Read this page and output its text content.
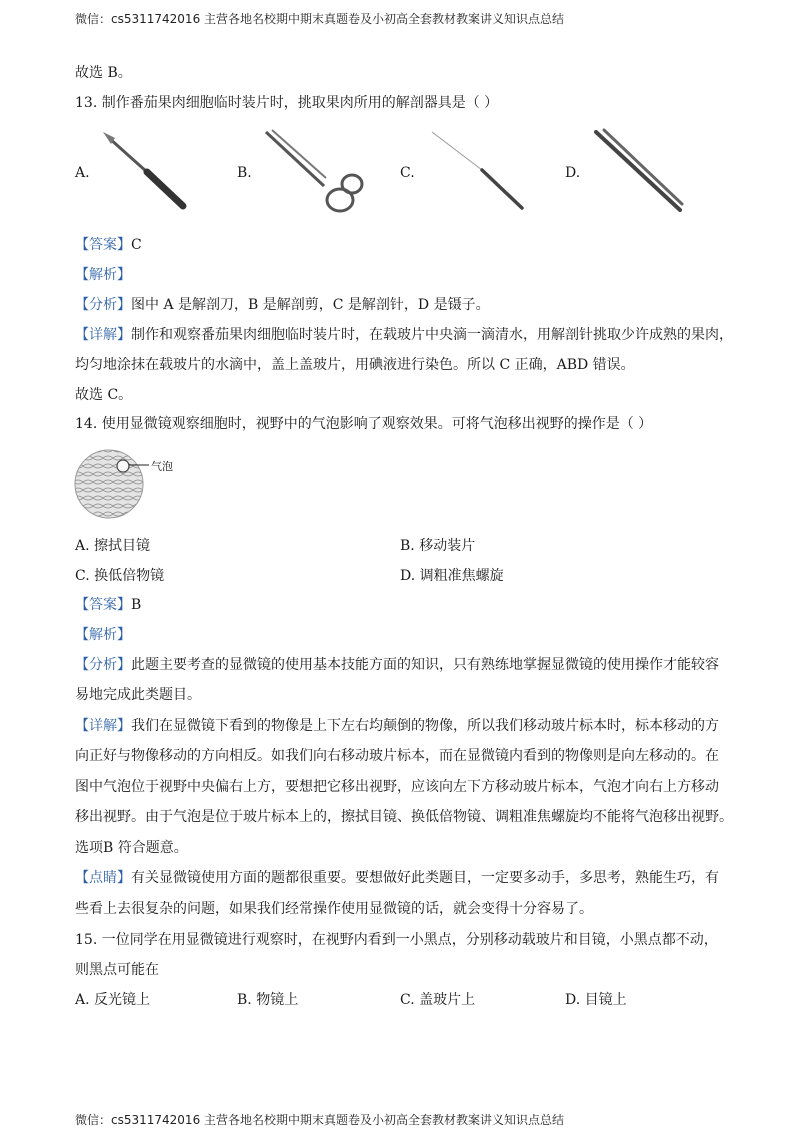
微信：cs5311742016 主营各地名校期中期末真题卷及小初高全套教材教案讲义知识点总结
故选 B。
13. 制作番茄果肉细胞临时装片时，挑取果肉所用的解剖器具是（ ）
A.	B.	C.	D.
【答案】C
【解析】
【分析】图中 A 是解剖刀，B 是解剖剪，C 是解剖针，D 是镊子。
【详解】制作和观察番茄果肉细胞临时装片时，在载玻片中央滴一滴清水，用解剖针挑取少许成熟的果肉，
均匀地涂抹在载玻片的水滴中，盖上盖玻片，用碘液进行染色。所以 C 正确，ABD 错误。
故选 C。
14. 使用显微镜观察细胞时，视野中的气泡影响了观察效果。可将气泡移出视野的操作是（ ）
气泡
A. 擦拭目镜	B. 移动装片
C. 换低倍物镜	D. 调粗准焦螺旋
【答案】B
【解析】
【分析】此题主要考查的显微镜的使用基本技能方面的知识，只有熟练地掌握显微镜的使用操作才能较容
易地完成此类题目。
【详解】我们在显微镜下看到的物像是上下左右均颠倒的物像，所以我们移动玻片标本时，标本移动的方
向正好与物像移动的方向相反。如我们向右移动玻片标本，而在显微镜内看到的物像则是向左移动的。在
图中气泡位于视野中央偏右上方，要想把它移出视野，应该向左下方移动玻片标本，气泡才向右上方移动
移出视野。由于气泡是位于玻片标本上的，擦拭目镜、换低倍物镜、调粗准焦螺旋均不能将气泡移出视野。
选项B 符合题意。
【点睛】有关显微镜使用方面的题都很重要。要想做好此类题目，一定要多动手，多思考，熟能生巧，有
些看上去很复杂的问题，如果我们经常操作使用显微镜的话，就会变得十分容易了。
15. 一位同学在用显微镜进行观察时，在视野内看到一小黑点，分别移动载玻片和目镜，小黑点都不动，
则黑点可能在
A. 反光镜上	B. 物镜上	C. 盖玻片上	D. 目镜上
微信：cs5311742016 主营各地名校期中期末真题卷及小初高全套教材教案讲义知识点总结
